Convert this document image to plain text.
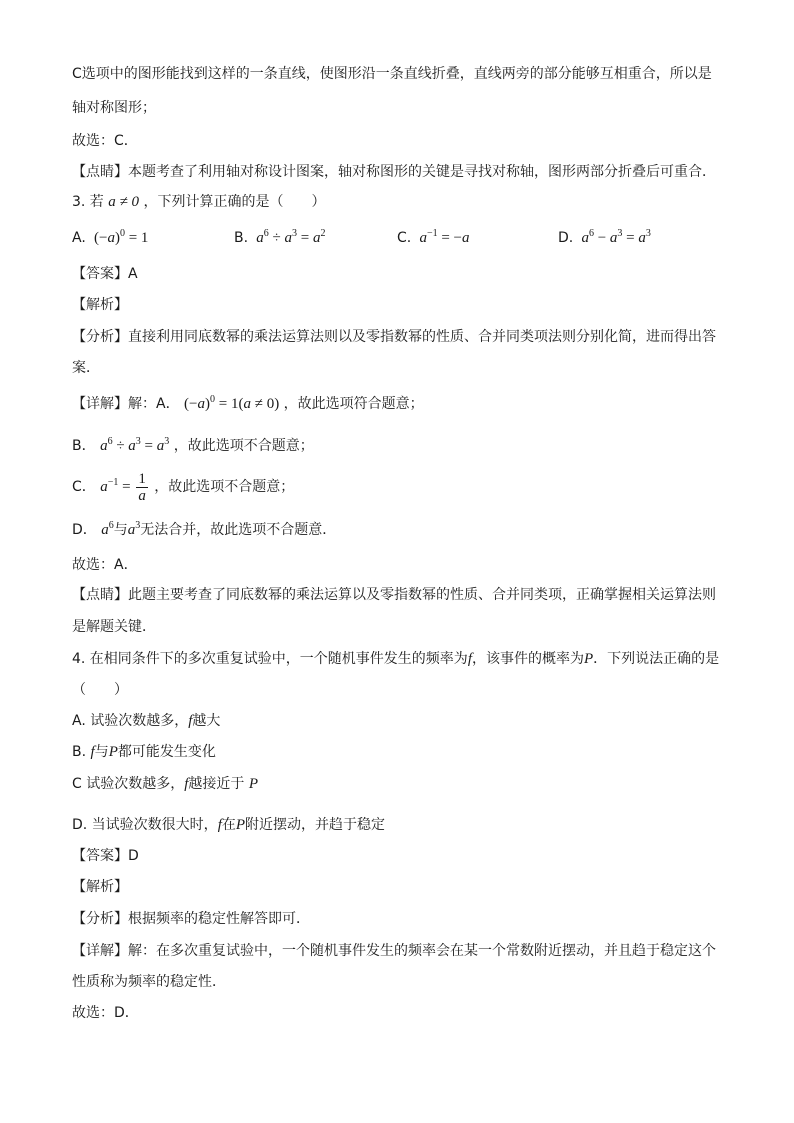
C选项中的图形能找到这样的一条直线，使图形沿一条直线折叠，直线两旁的部分能够互相重合，所以是
轴对称图形；
故选：C．
【点睛】本题考查了利用轴对称设计图案，轴对称图形的关键是寻找对称轴，图形两部分折叠后可重合．
3. 若 a ≠ 0 ，下列计算正确的是（　　）
A.  $(-a)^0 = 1$	B. $a^6 \div a^3 = a^2$	C. $a^{-1} = -a$	D. $a^6 - a^3 = a^3$
【答案】A
【解析】
【分析】直接利用同底数幂的乘法运算法则以及零指数幂的性质、合并同类项法则分别化简，进而得出答
案．
【详解】解：A． $(-a)^0 = 1(a \ne 0)$ ，故此选项符合题意；
B． $a^6 \div a^3 = a^3$ ，故此选项不合题意；
C． $a^{-1} = \frac{1}{a}$ ，故此选项不合题意；
D． $a^6$与$a^3$无法合并，故此选项不合题意．
故选：A．
【点睛】此题主要考查了同底数幂的乘法运算以及零指数幂的性质、合并同类项，正确掌握相关运算法则
是解题关键．
4. 在相同条件下的多次重复试验中，一个随机事件发生的频率为f，该事件的概率为P．下列说法正确的是
（　　）
A. 试验次数越多，f越大
B. f与P都可能发生变化
C 试验次数越多，f越接近于 P
D. 当试验次数很大时，f在P附近摆动，并趋于稳定
【答案】D
【解析】
【分析】根据频率的稳定性解答即可．
【详解】解：在多次重复试验中，一个随机事件发生的频率会在某一个常数附近摆动，并且趋于稳定这个
性质称为频率的稳定性．
故选：D．
